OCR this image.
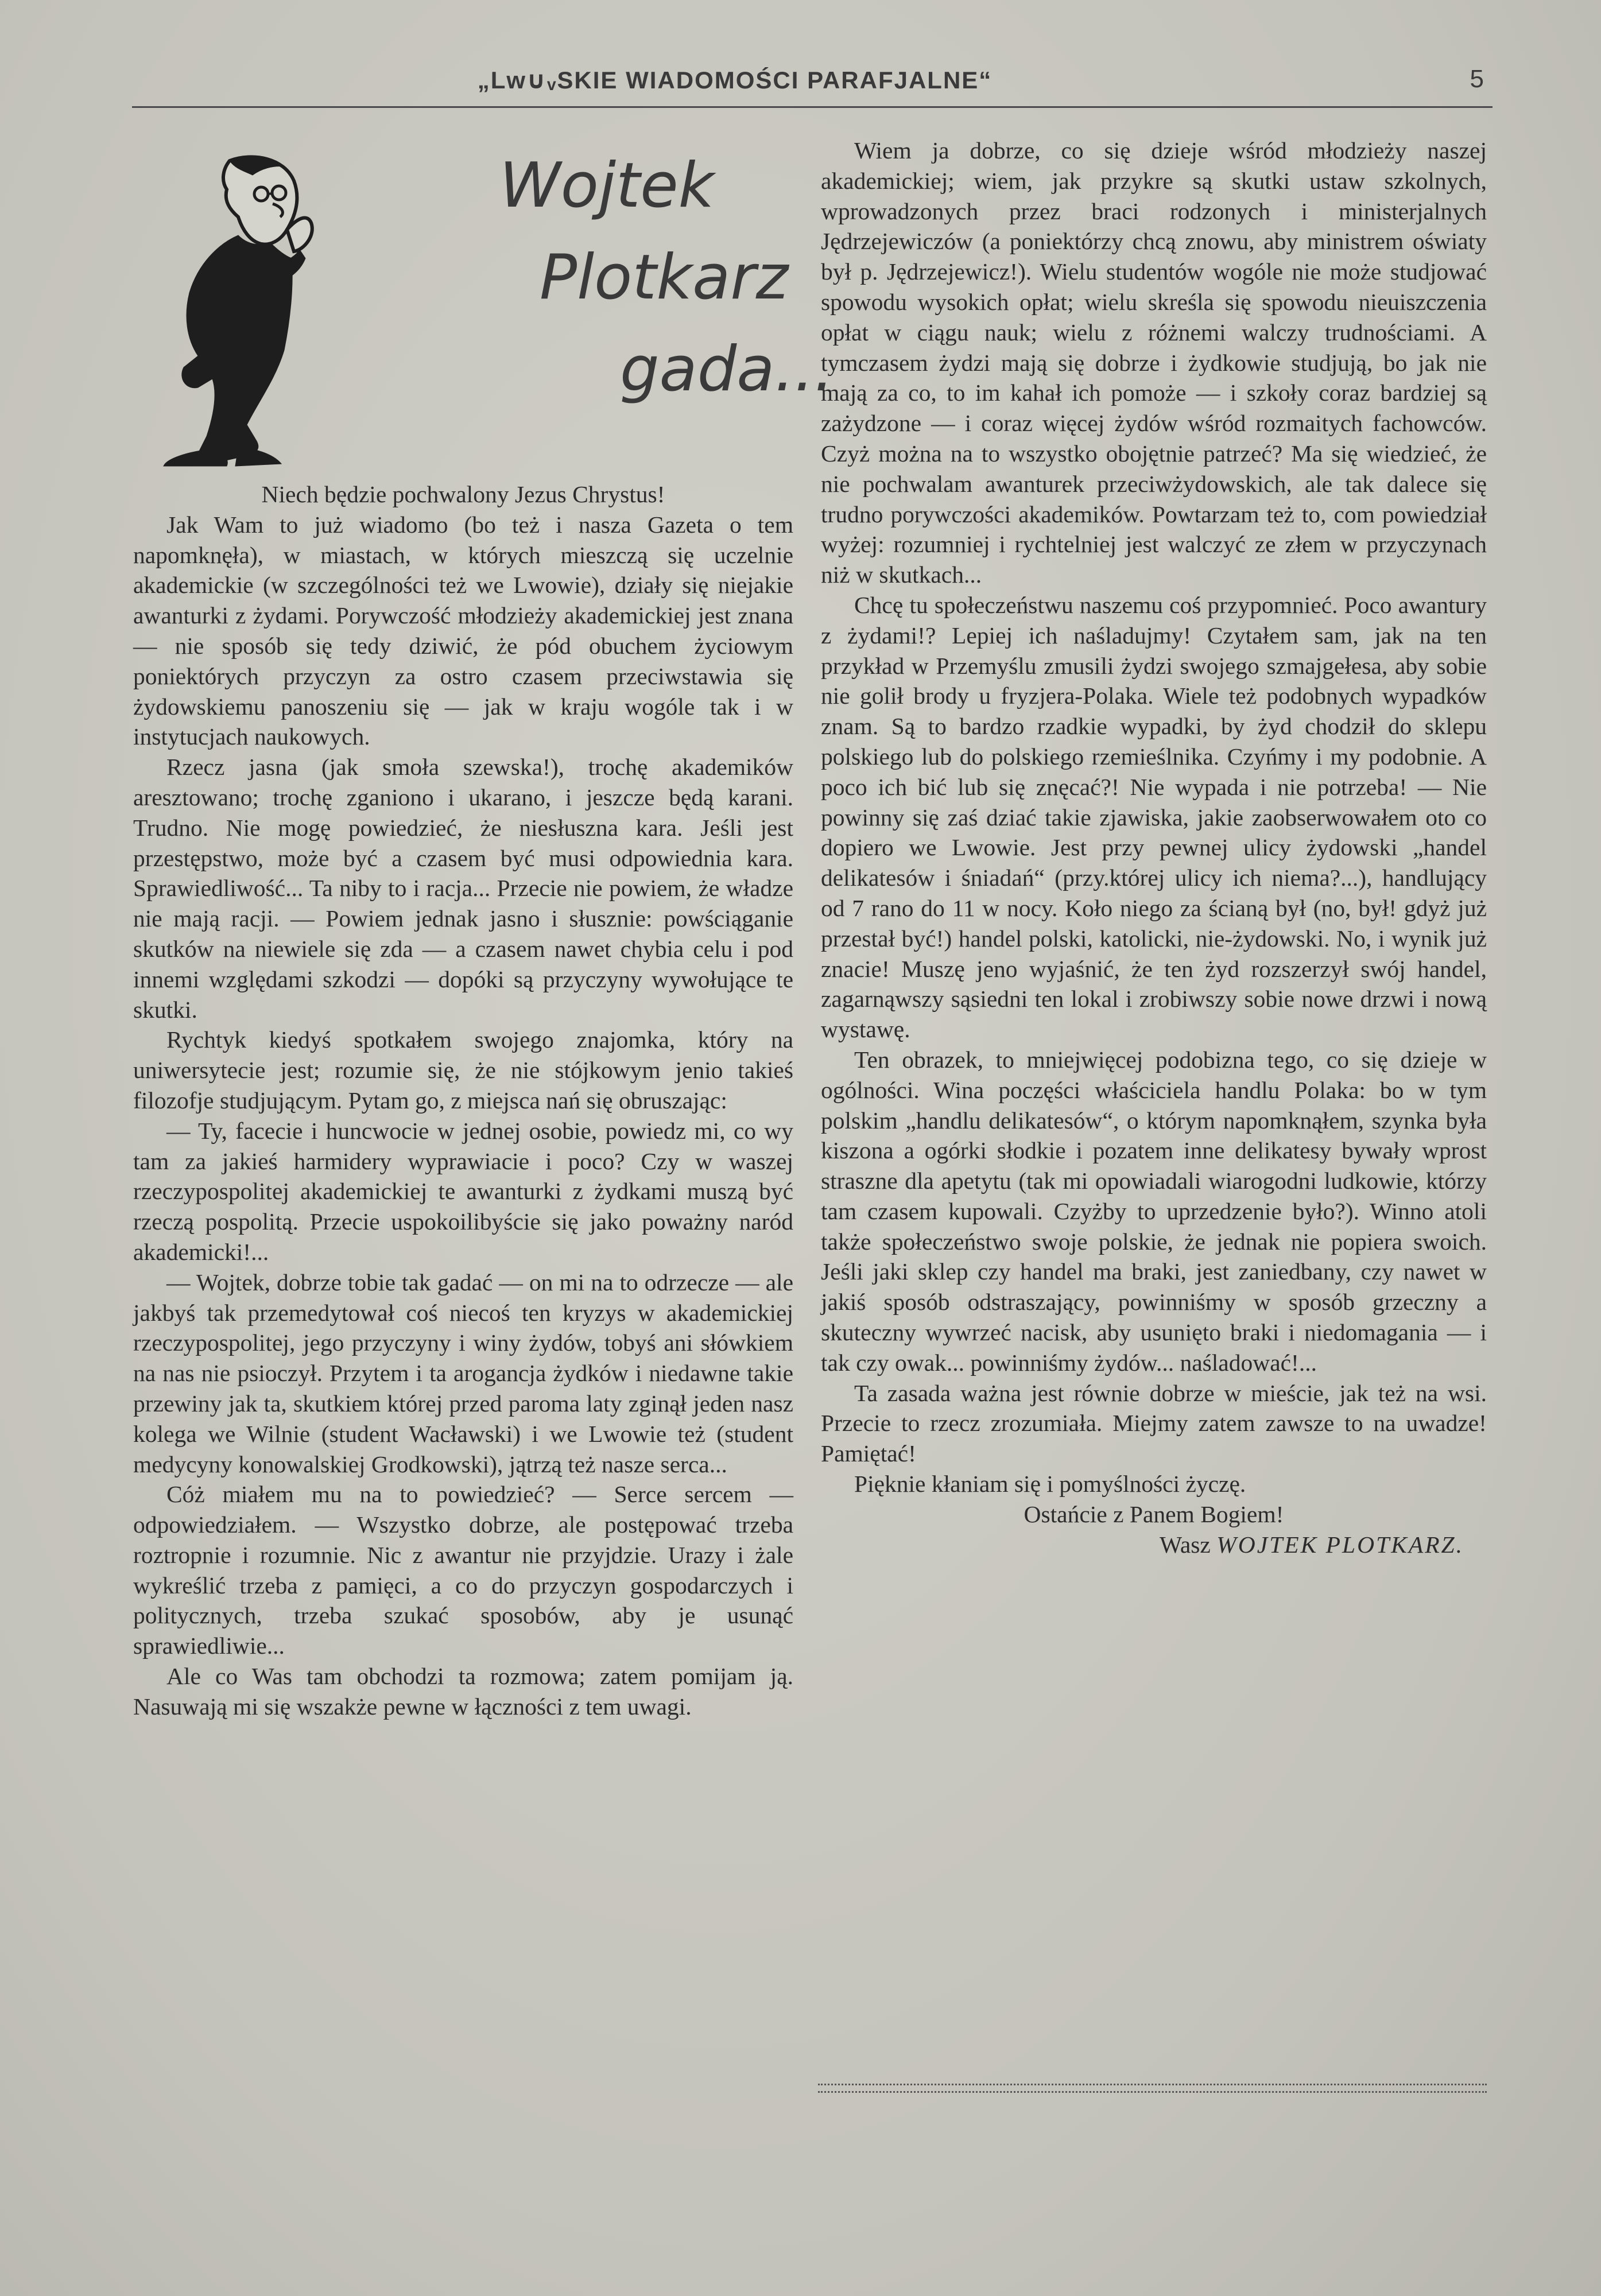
„Lw∪ᵥSKIE WIADOMOŚCI PARAFJALNE“	5
Wojtek
Plotkarz
gada...

Niech będzie pochwalony Jezus Chrystus!

Jak Wam to już wiadomo (bo też i nasza Gazeta o tem napomknęła), w miastach, w których mieszczą się uczelnie akademickie (w szczególności też we Lwowie), działy się niejakie awanturki z żydami. Porywczość młodzieży akademickiej jest znana — nie sposób się tedy dziwić, że pód obuchem życiowym poniektórych przyczyn za ostro czasem przeciwstawia się żydowskiemu panoszeniu się — jak w kraju wogóle tak i w instytucjach naukowych.

Rzecz jasna (jak smoła szewska!), trochę akademików aresztowano; trochę zganiono i ukarano, i jeszcze będą karani. Trudno. Nie mogę powiedzieć, że niesłuszna kara. Jeśli jest przestępstwo, może być a czasem być musi odpowiednia kara. Sprawiedliwość... Ta niby to i racja... Przecie nie powiem, że władze nie mają racji. — Powiem jednak jasno i słusznie: powściąganie skutków na niewiele się zda — a czasem nawet chybia celu i pod innemi względami szkodzi — dopóki są przyczyny wywołujące te skutki.

Rychtyk kiedyś spotkałem swojego znajomka, który na uniwersytecie jest; rozumie się, że nie stójkowym jenio takieś filozofje studjującym. Pytam go, z miejsca nań się obruszając:

— Ty, facecie i huncwocie w jednej osobie, powiedz mi, co wy tam za jakieś harmidery wyprawiacie i poco? Czy w waszej rzeczypospolitej akademickiej te awanturki z żydkami muszą być rzeczą pospolitą. Przecie uspokoilibyście się jako poważny naród akademicki!...

— Wojtek, dobrze tobie tak gadać — on mi na to odrzecze — ale jakbyś tak przemedytował coś niecoś ten kryzys w akademickiej rzeczypospolitej, jego przyczyny i winy żydów, tobyś ani słówkiem na nas nie psioczył. Przytem i ta arogancja żydków i niedawne takie przewiny jak ta, skutkiem której przed paroma laty zginął jeden nasz kolega we Wilnie (student Wacławski) i we Lwowie też (student medycyny konowalskiej Grodkowski), jątrzą też nasze serca...

Cóż miałem mu na to powiedzieć? — Serce sercem — odpowiedziałem. — Wszystko dobrze, ale postępować trzeba roztropnie i rozumnie. Nic z awantur nie przyjdzie. Urazy i żale wykreślić trzeba z pamięci, a co do przyczyn gospodarczych i politycznych, trzeba szukać sposobów, aby je usunąć sprawiedliwie...

Ale co Was tam obchodzi ta rozmowa; zatem pomijam ją. Nasuwają mi się wszakże pewne w łączności z tem uwagi.

Wiem ja dobrze, co się dzieje wśród młodzieży naszej akademickiej; wiem, jak przykre są skutki ustaw szkolnych, wprowadzonych przez braci rodzonych i ministerjalnych Jędrzejewiczów (a poniektórzy chcą znowu, aby ministrem oświaty był p. Jędrzejewicz!). Wielu studentów wogóle nie może studjować spowodu wysokich opłat; wielu skreśla się spowodu nieuiszczenia opłat w ciągu nauk; wielu z różnemi walczy trudnościami. A tymczasem żydzi mają się dobrze i żydkowie studjują, bo jak nie mają za co, to im kahał ich pomoże — i szkoły coraz bardziej są zażydzone — i coraz więcej żydów wśród rozmaitych fachowców. Czyż można na to wszystko obojętnie patrzeć? Ma się wiedzieć, że nie pochwalam awanturek przeciwżydowskich, ale tak dalece się trudno porywczości akademików. Powtarzam też to, com powiedział wyżej: rozumniej i rychtelniej jest walczyć ze złem w przyczynach niż w skutkach...

Chcę tu społeczeństwu naszemu coś przypomnieć. Poco awantury z żydami!? Lepiej ich naśladujmy! Czytałem sam, jak na ten przykład w Przemyślu zmusili żydzi swojego szmajgełesa, aby sobie nie golił brody u fryzjera-Polaka. Wiele też podobnych wypadków znam. Są to bardzo rzadkie wypadki, by żyd chodził do sklepu polskiego lub do polskiego rzemieślnika. Czyńmy i my podobnie. A poco ich bić lub się znęcać?! Nie wypada i nie potrzeba! — Nie powinny się zaś dziać takie zjawiska, jakie zaobserwowałem oto co dopiero we Lwowie. Jest przy pewnej ulicy żydowski „handel delikatesów i śniadań“ (przy.której ulicy ich niema?...), handlujący od 7 rano do 11 w nocy. Koło niego za ścianą był (no, był! gdyż już przestał być!) handel polski, katolicki, nie-żydowski. No, i wynik już znacie! Muszę jeno wyjaśnić, że ten żyd rozszerzył swój handel, zagarnąwszy sąsiedni ten lokal i zrobiwszy sobie nowe drzwi i nową wystawę.

Ten obrazek, to mniejwięcej podobizna tego, co się dzieje w ogólności. Wina poczęści właściciela handlu Polaka: bo w tym polskim „handlu delikatesów“, o którym napomknąłem, szynka była kiszona a ogórki słodkie i pozatem inne delikatesy bywały wprost straszne dla apetytu (tak mi opowiadali wiarogodni ludkowie, którzy tam czasem kupowali. Czyżby to uprzedzenie było?). Winno atoli także społeczeństwo swoje polskie, że jednak nie popiera swoich. Jeśli jaki sklep czy handel ma braki, jest zaniedbany, czy nawet w jakiś sposób odstraszający, powinniśmy w sposób grzeczny a skuteczny wywrzeć nacisk, aby usunięto braki i niedomagania — i tak czy owak... powinniśmy żydów... naśladować!...

Ta zasada ważna jest równie dobrze w mieście, jak też na wsi. Przecie to rzecz zrozumiała. Miejmy zatem zawsze to na uwadze! Pamiętać!

Pięknie kłaniam się i pomyślności życzę.

Ostańcie z Panem Bogiem!

Wasz WOJTEK PLOTKARZ.
